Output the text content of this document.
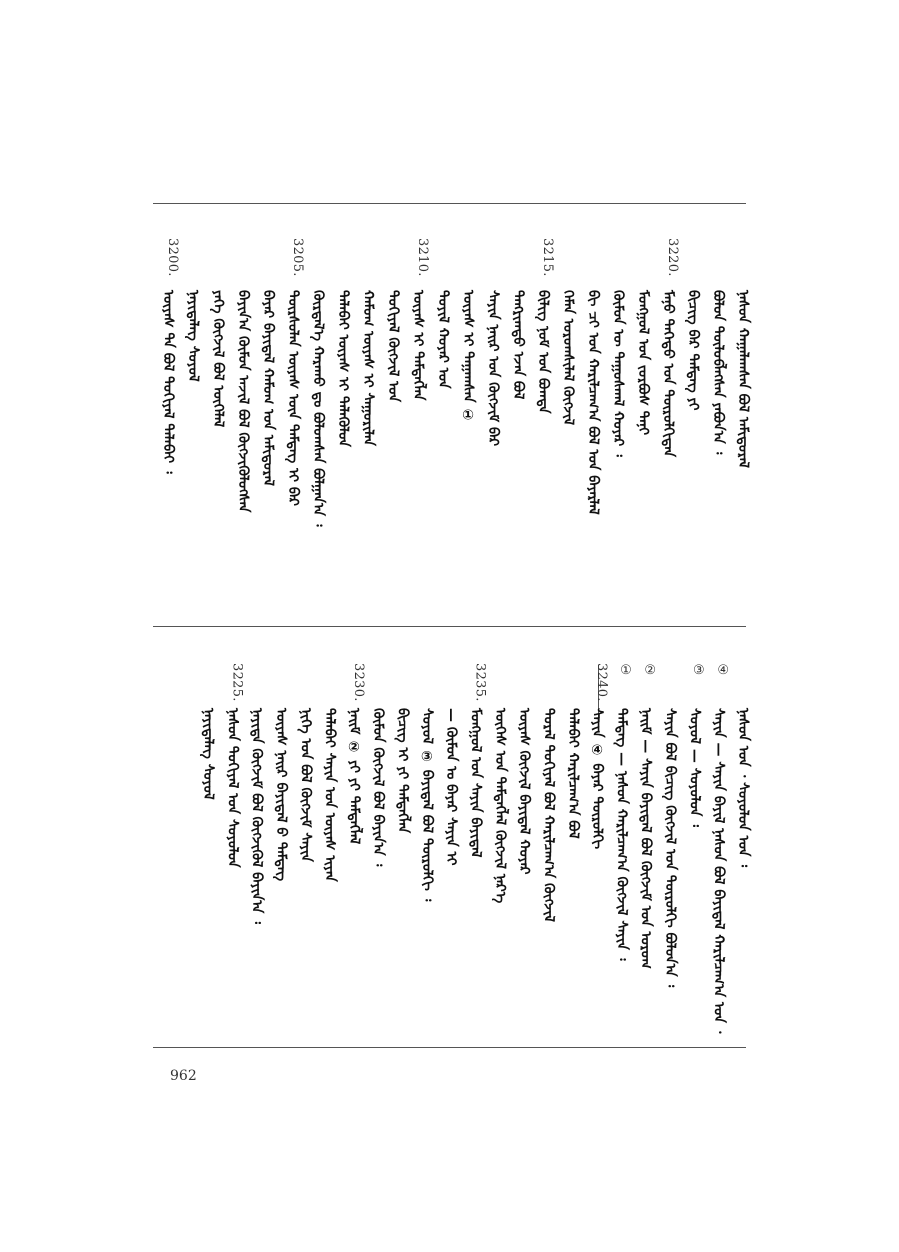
ᠨᠠᠰᠤᠨ ᠬᠠᠭᠠᠯᠠᠭᠰᠠᠨ ᠪᠣᠯ ᠠᠮᠢᠳᠤᠷᠠᠯ
ᠪᠣᠯᠤᠨ ᠲᠥᠯᠥᠪᠯᠡᠭᠰᠡᠨ ᠶᠠᠪᠤᠨ᠎ᠠ ᠄
ᠪᠢᠴᠢᠭ ᠪᠡᠷ ᠲᠡᠮᠳᠡᠭ ᠶᠢ
3220.
ᠮᠠᠨᠤ ᠳᠡᠭᠡᠳᠦ ᠤᠨ ᠲᠥᠷᠥᠯᠬᠢᠲᠡᠨ
ᠮᠣᠩᠭᠣᠯ ᠤᠨ ᠵᠤᠷᠪᠤᠰ ᠲᠠᠨᠢ
ᠬᠦᠮᠦᠨ ᠦ ᠲᠠᠭᠤᠰᠬᠠᠯ ᠬᠣᠶᠠᠷ ᠄
ᠪᠢ ᠴᠢ ᠤᠨ ᠬᠠᠷᠢᠯᠴᠠᠭ᠎ᠠ ᠪᠣᠯ ᠤᠨ ᠪᠠᠶᠠᠷᠯᠠᠯ
ᠬᠡᠮᠡᠨ ᠤᠷᠤᠭᠰᠢᠯᠠᠯ ᠬᠥᠭᠵᠢᠯ
3215.
ᠪᠢᠯᠢᠭ ᠨᠤᠮ ᠤᠨ ᠪᠣᠭᠳᠠ
ᠲᠠᠩᠷᠢᠭᠲᠤ ᠡᠵᠡᠨ ᠪᠣᠯ
ᠰᠠᠶᠢᠨ ᠨᠠᠢᠷ ᠤᠨ ᠬᠥᠭᠵᠢᠮ ᠪᠡᠷ
ᠦᠶᠡᠰ ᠢ ᠳᠠᠭᠠᠭᠰᠠᠨ ①
ᠳᠤᠶᠢᠯ ᠬᠣᠶᠠᠷ ᠤᠨ
3210.
ᠦᠶᠡᠰ ᠢ ᠲᠡᠮᠳᠡᠭᠯᠡᠨ
ᠲᠣᠬᠢᠶᠠᠯ ᠬᠥᠭᠵᠢᠯ ᠤᠨ
ᠬᠠᠮᠤᠭ ᠦᠶᠡᠰ ᠢ ᠰᠠᠭᠤᠷᠢᠯᠠᠨ
ᠲᠠᠯᠠᠪᠠᠢ ᠦᠶᠡᠰ ᠢ ᠲᠡᠯᠡᠭᠦᠯᠦᠨ
ᠬᠦᠷᠲᠡᠯ᠎ᠡ ᠬᠠᠷᠠᠬᠤ ᠳᠤ ᠪᠣᠯᠤᠭᠰᠠᠨ ᠪᠣᠯᠭᠠᠨ᠎ᠠ ᠄
3205.
ᠳᠦᠷᠰᠦᠯᠡᠨ ᠦᠶᠡᠰ ᠦᠨ ᠲᠡᠮᠳᠡᠭ ᠢ ᠪᠡᠷ
ᠪᠠᠶᠠᠷ ᠪᠠᠶᠢᠳᠠᠯ ᠬᠠᠮᠤᠭ ᠤᠨ ᠠᠮᠢᠳᠤᠷᠠᠯ
ᠪᠠᠶᠢᠨ᠎ᠠ ᠬᠦᠮᠦᠨ ᠠᠵᠢᠯ ᠪᠣᠯ ᠬᠥᠭᠵᠢᠭᠦᠯᠦᠭᠰᠡᠨ
ᠶᠡᠬᠡ ᠬᠥᠭᠵᠢᠯ ᠪᠣᠯ ᠦᠭᠡᠯᠡᠯ
ᠨᠡᠶᠢᠲᠡᠯᠡᠭ ᠰᠣᠶᠣᠯ
3200.
ᠦᠶᠡᠰ ᠲᠠ ᠪᠣᠯ ᠲᠣᠬᠢᠶᠠᠯ ᠲᠠᠯᠠᠪᠠᠢ ᠄
ᠨᠠᠰᠤᠨ ᠤᠨ ᠂ ᠰᠣᠶᠣᠯᠤᠨ ᠤᠨ ᠄
④
ᠰᠠᠶᠢᠨ — ᠰᠠᠶᠢᠨ ᠪᠠᠶᠢᠯ ᠨᠠᠰᠤᠨ ᠪᠣᠯ ᠪᠠᠶᠢᠳᠠᠯ ᠬᠠᠷᠢᠯᠴᠠᠭ᠎ᠠ ᠤᠨ ᠂
③
ᠰᠣᠶᠣᠯ — ᠰᠣᠶᠣᠯᠤᠨ ᠄
ᠰᠠᠶᠢᠨ ᠪᠣᠯ ᠪᠢᠴᠢᠭ᠌ ᠬᠥᠭᠵᠢᠯ ᠤᠨ ᠲᠥᠷᠥᠯᠬᠢ ᠪᠣᠯᠤᠨ᠎ᠠ ᠄
②
ᠨᠡᠢᠮ — ᠰᠠᠶᠢᠨ ᠪᠠᠶᠢᠳᠠᠯ ᠪᠣᠯ ᠬᠥᠭᠵᠢᠮ ᠤᠨ ᠤᠷᠤᠭ
①
ᠲᠡᠮᠳᠡᠭ — ᠨᠠᠰᠤᠨ ᠬᠠᠷᠢᠯᠴᠠᠭ᠎ᠠ ᠬᠥᠭᠵᠢᠯ ᠰᠠᠶᠢᠨ ᠄
3240.
ᠰᠠᠶᠢᠨ ④ ᠪᠠᠶᠠᠷ ᠲᠥᠷᠥᠯᠬᠢ
ᠲᠠᠯᠠᠪᠠᠢ ᠬᠠᠷᠢᠯᠴᠠᠭ᠎ᠠ ᠪᠣᠯ
ᠳᠤᠷᠠᠯ ᠲᠣᠬᠢᠶᠠᠯ ᠪᠣᠯ ᠬᠠᠷᠢᠯᠴᠠᠭ᠎ᠠ ᠬᠥᠭᠵᠢᠯ
ᠦᠶᠡᠰ ᠬᠥᠭᠵᠢᠯ ᠪᠠᠶᠢᠳᠠᠯ ᠬᠣᠶᠠᠷ
ᠦᠭᠡᠰ ᠤᠨ ᠲᠡᠮᠳᠡᠭᠯᠡᠯ ᠬᠥᠭᠵᠢᠯ ᠨᠡᠷ᠎ᠡ
3235.
ᠮᠣᠩᠭᠣᠯ ᠤᠨ ᠰᠠᠶᠢᠨ ᠪᠠᠶᠢᠳᠠᠯ
— ᠬᠦᠮᠦᠨ ᠤ ᠪᠠᠶᠠᠷ ᠰᠠᠶᠢᠨ ᠢ
ᠰᠣᠶᠣᠯ ③ ᠪᠠᠶᠢᠳᠠᠯ ᠪᠣᠯ ᠲᠥᠷᠥᠯᠬᠢ ᠄
ᠪᠢᠴᠢᠭ ᠢ ᠶᠢ ᠲᠡᠮᠳᠡᠭᠯᠡᠨ
ᠬᠦᠮᠦᠨ ᠬᠥᠭᠵᠢᠯ ᠪᠣᠯ ᠪᠠᠶᠢᠨ᠎ᠠ ᠄
3230.
ᠨᠡᠢᠮ ② ᠶᠢ ᠶᠢ ᠲᠡᠮᠳᠡᠭᠯᠡᠯ
ᠲᠠᠯᠠᠪᠠᠢ ᠰᠠᠶᠢᠨ ᠤᠨ ᠦᠶᠡᠰ ᠢᠶᠡᠨ
ᠨᠢᠭᠡ ᠤᠨ ᠪᠣᠯ ᠬᠥᠭᠵᠢᠮ ᠰᠠᠶᠢᠨ
ᠦᠶᠡᠰ ᠨᠠᠢᠷ ᠪᠠᠶᠢᠳᠠᠯ ᠪ ᠲᠡᠮᠳᠡᠭ
ᠨᠡᠶᠢᠲᠡ ᠬᠥᠭᠵᠢᠮ ᠪᠣᠯ ᠬᠥᠭᠵᠢᠭᠦᠯ ᠪᠠᠶᠢᠨ᠎ᠠ ᠄
3225.
ᠨᠠᠰᠤᠨ ᠲᠣᠬᠢᠶᠠᠯ ᠤᠨ ᠰᠣᠶᠣᠯᠤᠨ
ᠨᠡᠶᠢᠲᠡᠯᠡᠭ ᠰᠣᠶᠣᠯ
962
